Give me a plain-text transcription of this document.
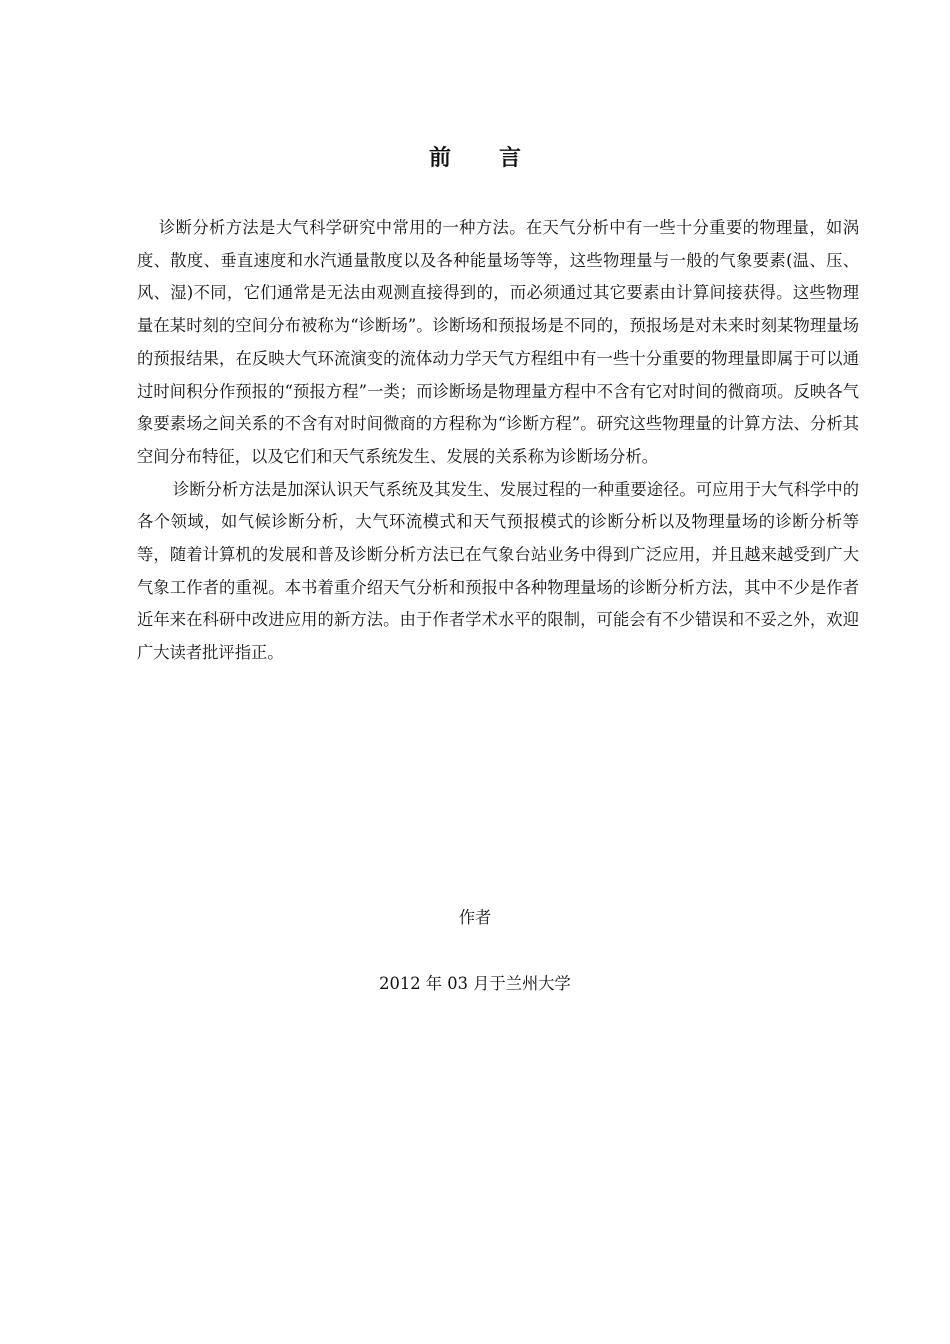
前 言

诊断分析方法是大气科学研究中常用的一种方法。在天气分析中有一些十分重要的物理量，如涡度、散度、垂直速度和水汽通量散度以及各种能量场等等，这些物理量与一般的气象要素(温、压、风、湿)不同，它们通常是无法由观测直接得到的，而必须通过其它要素由计算间接获得。这些物理量在某时刻的空间分布被称为“诊断场”。诊断场和预报场是不同的，预报场是对未来时刻某物理量场的预报结果，在反映大气环流演变的流体动力学天气方程组中有一些十分重要的物理量即属于可以通过时间积分作预报的“预报方程”一类；而诊断场是物理量方程中不含有它对时间的微商项。反映各气象要素场之间关系的不含有对时间微商的方程称为“诊断方程”。研究这些物理量的计算方法、分析其空间分布特征，以及它们和天气系统发生、发展的关系称为诊断场分析。

诊断分析方法是加深认识天气系统及其发生、发展过程的一种重要途径。可应用于大气科学中的各个领域，如气候诊断分析，大气环流模式和天气预报模式的诊断分析以及物理量场的诊断分析等等，随着计算机的发展和普及诊断分析方法已在气象台站业务中得到广泛应用，并且越来越受到广大气象工作者的重视。本书着重介绍天气分析和预报中各种物理量场的诊断分析方法，其中不少是作者近年来在科研中改进应用的新方法。由于作者学术水平的限制，可能会有不少错误和不妥之外，欢迎广大读者批评指正。

作者
2012 年 03 月于兰州大学
